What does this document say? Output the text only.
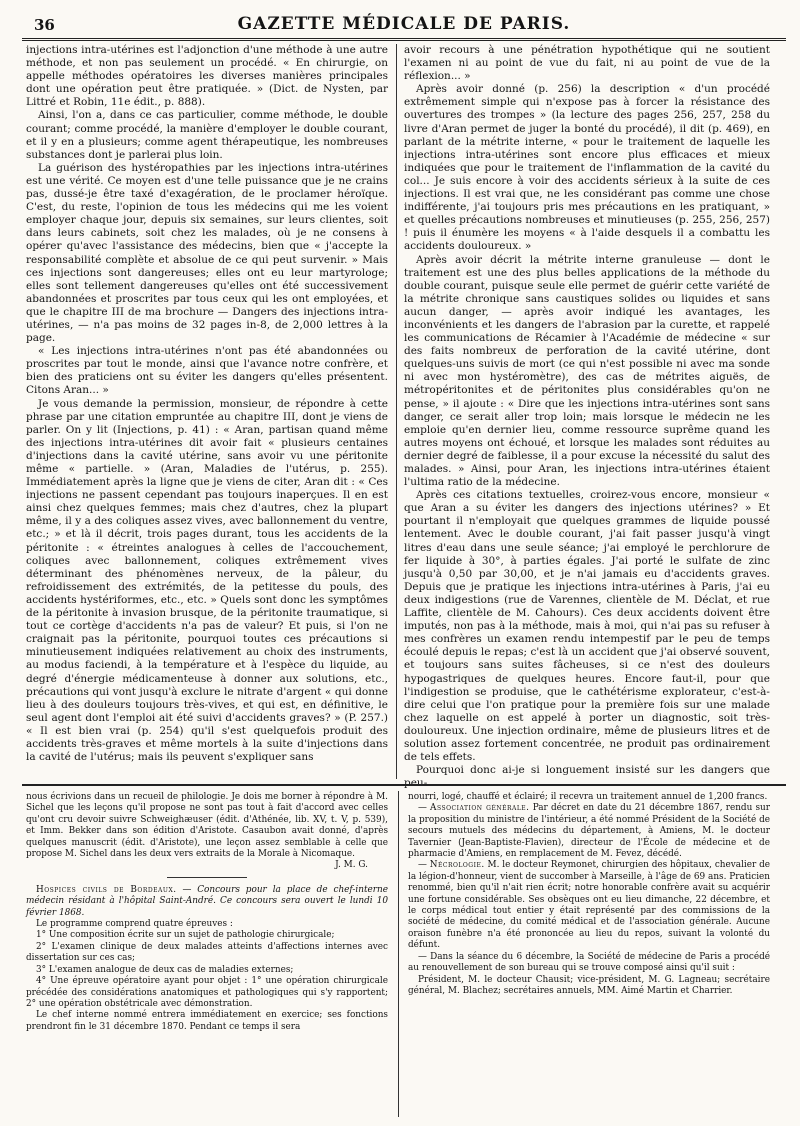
36	GAZETTE MÉDICALE DE PARIS.

injections intra-utérines est l'adjonction d'une méthode à une autre méthode, et non pas seulement un procédé. « En chirurgie, on appelle méthodes opératoires les diverses manières principales dont une opération peut être pratiquée. » (Dict. de Nysten, par Littré et Robin, 11e édit., p. 888).

Ainsi, l'on a, dans ce cas particulier, comme méthode, le double courant; comme procédé, la manière d'employer le double courant, et il y en a plusieurs; comme agent thérapeutique, les nombreuses substances dont je parlerai plus loin.

La guérison des hystéropathies par les injections intra-utérines est une vérité. Ce moyen est d'une telle puissance que je ne crains pas, dussé-je être taxé d'exagération, de le proclamer héroïque. C'est, du reste, l'opinion de tous les médecins qui me les voient employer chaque jour, depuis six semaines, sur leurs clientes, soit dans leurs cabinets, soit chez les malades, où je ne consens à opérer qu'avec l'assistance des médecins, bien que « j'accepte la responsabilité complète et absolue de ce qui peut survenir. » Mais ces injections sont dangereuses; elles ont eu leur martyrologe; elles sont tellement dangereuses qu'elles ont été successivement abandonnées et proscrites par tous ceux qui les ont employées, et que le chapitre III de ma brochure — Dangers des injections intra-utérines, — n'a pas moins de 32 pages in-8, de 2,000 lettres à la page.

« Les injections intra-utérines n'ont pas été abandonnées ou proscrites par tout le monde, ainsi que l'avance notre confrère, et bien des praticiens ont su éviter les dangers qu'elles présentent. Citons Aran... »

Je vous demande la permission, monsieur, de répondre à cette phrase par une citation empruntée au chapitre III, dont je viens de parler. On y lit (Injections, p. 41) : « Aran, partisan quand même des injections intra-utérines dit avoir fait « plusieurs centaines d'injections dans la cavité utérine, sans avoir vu une péritonite même « partielle. » (Aran, Maladies de l'utérus, p. 255). Immédiatement après la ligne que je viens de citer, Aran dit : « Ces injections ne passent cependant pas toujours inaperçues. Il en est ainsi chez quelques femmes; mais chez d'autres, chez la plupart même, il y a des coliques assez vives, avec ballonnement du ventre, etc.; » et là il décrit, trois pages durant, tous les accidents de la péritonite : « étreintes analogues à celles de l'accouchement, coliques avec ballonnement, coliques extrêmement vives déterminant des phénomènes nerveux, de la pâleur, du refroidissement des extrémités, de la petitesse du pouls, des accidents hystériformes, etc., etc. » Quels sont donc les symptômes de la péritonite à invasion brusque, de la péritonite traumatique, si tout ce cortège d'accidents n'a pas de valeur? Et puis, si l'on ne craignait pas la péritonite, pourquoi toutes ces précautions si minutieusement indiquées relativement au choix des instruments, au modus faciendi, à la température et à l'espèce du liquide, au degré d'énergie médicamenteuse à donner aux solutions, etc., précautions qui vont jusqu'à exclure le nitrate d'argent « qui donne lieu à des douleurs toujours très-vives, et qui est, en définitive, le seul agent dont l'emploi ait été suivi d'accidents graves? » (P. 257.) « Il est bien vrai (p. 254) qu'il s'est quelquefois produit des accidents très-graves et même mortels à la suite d'injections dans la cavité de l'utérus; mais ils peuvent s'expliquer sans

avoir recours à une pénétration hypothétique qui ne soutient l'examen ni au point de vue du fait, ni au point de vue de la réflexion... »

Après avoir donné (p. 256) la description « d'un procédé extrêmement simple qui n'expose pas à forcer la résistance des ouvertures des trompes » (la lecture des pages 256, 257, 258 du livre d'Aran permet de juger la bonté du procédé), il dit (p. 469), en parlant de la métrite interne, « pour le traitement de laquelle les injections intra-utérines sont encore plus efficaces et mieux indiquées que pour le traitement de l'inflammation de la cavité du col... Je suis encore à voir des accidents sérieux à la suite de ces injections. Il est vrai que, ne les considérant pas comme une chose indifférente, j'ai toujours pris mes précautions en les pratiquant, » et quelles précautions nombreuses et minutieuses (p. 255, 256, 257) ! puis il énumère les moyens « à l'aide desquels il a combattu les accidents douloureux. »

Après avoir décrit la métrite interne granuleuse — dont le traitement est une des plus belles applications de la méthode du double courant, puisque seule elle permet de guérir cette variété de la métrite chronique sans caustiques solides ou liquides et sans aucun danger, — après avoir indiqué les avantages, les inconvénients et les dangers de l'abrasion par la curette, et rappelé les communications de Récamier à l'Académie de médecine « sur des faits nombreux de perforation de la cavité utérine, dont quelques-uns suivis de mort (ce qui n'est possible ni avec ma sonde ni avec mon hystéromètre), des cas de métrites aiguës, de métropéritonites et de péritonites plus considérables qu'on ne pense, » il ajoute : « Dire que les injections intra-utérines sont sans danger, ce serait aller trop loin; mais lorsque le médecin ne les emploie qu'en dernier lieu, comme ressource suprême quand les autres moyens ont échoué, et lorsque les malades sont réduites au dernier degré de faiblesse, il a pour excuse la nécessité du salut des malades. » Ainsi, pour Aran, les injections intra-utérines étaient l'ultima ratio de la médecine.

Après ces citations textuelles, croirez-vous encore, monsieur « que Aran a su éviter les dangers des injections utérines? » Et pourtant il n'employait que quelques grammes de liquide poussé lentement. Avec le double courant, j'ai fait passer jusqu'à vingt litres d'eau dans une seule séance; j'ai employé le perchlorure de fer liquide à 30°, à parties égales. J'ai porté le sulfate de zinc jusqu'à 0,50 par 30,00, et je n'ai jamais eu d'accidents graves. Depuis que je pratique les injections intra-utérines à Paris, j'ai eu deux indigestions (rue de Varennes, clientèle de M. Déclat, et rue Laffite, clientèle de M. Cahours). Ces deux accidents doivent être imputés, non pas à la méthode, mais à moi, qui n'ai pas su refuser à mes confrères un examen rendu intempestif par le peu de temps écoulé depuis le repas; c'est là un accident que j'ai observé souvent, et toujours sans suites fâcheuses, si ce n'est des douleurs hypogastriques de quelques heures. Encore faut-il, pour que l'indigestion se produise, que le cathétérisme explorateur, c'est-à-dire celui que l'on pratique pour la première fois sur une malade chez laquelle on est appelé à porter un diagnostic, soit très-douloureux. Une injection ordinaire, même de plusieurs litres et de solution assez fortement concentrée, ne produit pas ordinairement de tels effets.

Pourquoi donc ai-je si longuement insisté sur les dangers que peu-

nous écrivions dans un recueil de philologie. Je dois me borner à répondre à M. Sichel que les leçons qu'il propose ne sont pas tout à fait d'accord avec celles qu'ont cru devoir suivre Schweighæuser (édit. d'Athénée, lib. XV, t. V, p. 539), et Imm. Bekker dans son édition d'Aristote. Casaubon avait donné, d'après quelques manuscrit (édit. d'Aristote), une leçon assez semblable à celle que propose M. Sichel dans les deux vers extraits de la Morale à Nicomaque.

J. M. G.

Hospices civils de Bordeaux. — Concours pour la place de chef-interne médecin résidant à l'hôpital Saint-André. Ce concours sera ouvert le lundi 10 février 1868.

Le programme comprend quatre épreuves :

1° Une composition écrite sur un sujet de pathologie chirurgicale;

2° L'examen clinique de deux malades atteints d'affections internes avec dissertation sur ces cas;

3° L'examen analogue de deux cas de maladies externes;

4° Une épreuve opératoire ayant pour objet : 1° une opération chirurgicale précédée des considérations anatomiques et pathologiques qui s'y rapportent; 2° une opération obstétricale avec démonstration.

Le chef interne nommé entrera immédiatement en exercice; ses fonctions prendront fin le 31 décembre 1870. Pendant ce temps il sera

nourri, logé, chauffé et éclairé; il recevra un traitement annuel de 1,200 francs.

— Association générale. Par décret en date du 21 décembre 1867, rendu sur la proposition du ministre de l'intérieur, a été nommé Président de la Société de secours mutuels des médecins du département, à Amiens, M. le docteur Tavernier (Jean-Baptiste-Flavien), directeur de l'École de médecine et de pharmacie d'Amiens, en remplacement de M. Fevez, décédé.

— Nécrologie. M. le docteur Reymonet, chirurgien des hôpitaux, chevalier de la légion-d'honneur, vient de succomber à Marseille, à l'âge de 69 ans. Praticien renommé, bien qu'il n'ait rien écrit; notre honorable confrère avait su acquérir une fortune considérable. Ses obsèques ont eu lieu dimanche, 22 décembre, et le corps médical tout entier y était représenté par des commissions de la société de médecine, du comité médical et de l'association générale. Aucune oraison funèbre n'a été prononcée au lieu du repos, suivant la volonté du défunt.

— Dans la séance du 6 décembre, la Société de médecine de Paris a procédé au renouvellement de son bureau qui se trouve composé ainsi qu'il suit :

Président, M. le docteur Chausit; vice-président, M. G. Lagneau; secrétaire général, M. Blachez; secrétaires annuels, MM. Aimé Martin et Charrier.
